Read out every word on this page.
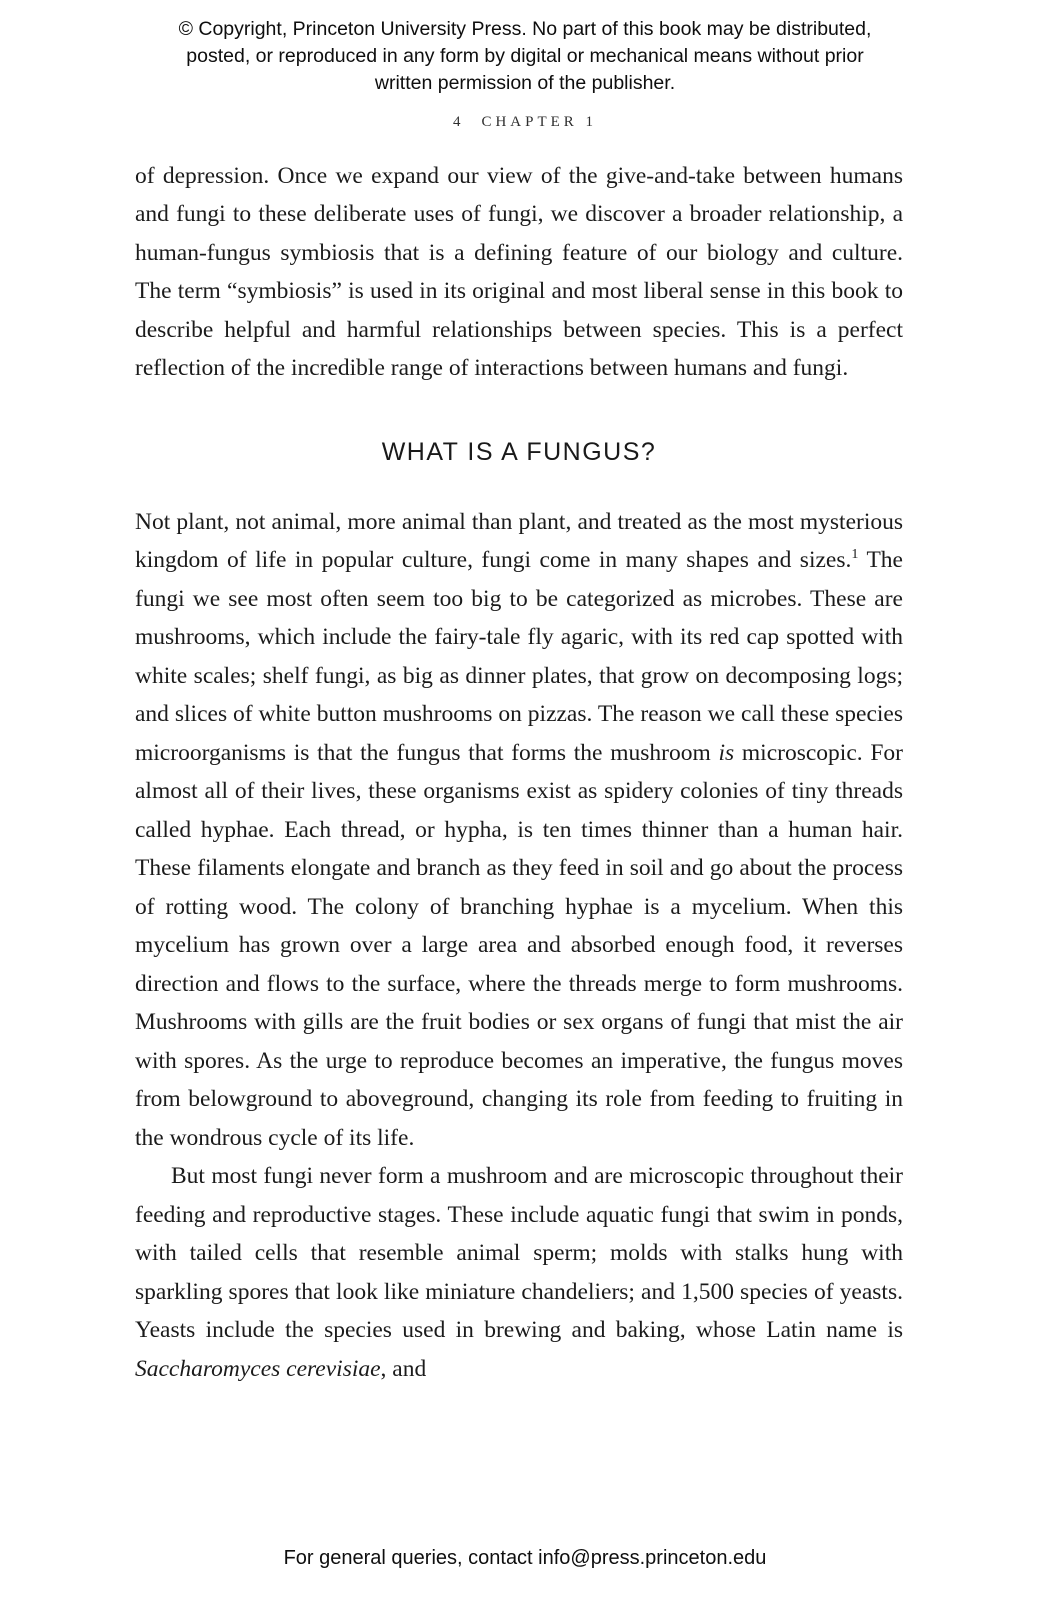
© Copyright, Princeton University Press. No part of this book may be distributed, posted, or reproduced in any form by digital or mechanical means without prior written permission of the publisher.
4 CHAPTER 1

of depression. Once we expand our view of the give-and-take between humans and fungi to these deliberate uses of fungi, we discover a broader relationship, a human-fungus symbiosis that is a defining feature of our biology and culture. The term “symbiosis” is used in its original and most liberal sense in this book to describe helpful and harmful relationships between species. This is a perfect reflection of the incredible range of interactions between humans and fungi.

WHAT IS A FUNGUS?

Not plant, not animal, more animal than plant, and treated as the most mysterious kingdom of life in popular culture, fungi come in many shapes and sizes.$^1$ The fungi we see most often seem too big to be categorized as microbes. These are mushrooms, which include the fairy-tale fly agaric, with its red cap spotted with white scales; shelf fungi, as big as dinner plates, that grow on decomposing logs; and slices of white button mushrooms on pizzas. The reason we call these species microorganisms is that the fungus that forms the mushroom is microscopic. For almost all of their lives, these organisms exist as spidery colonies of tiny threads called hyphae. Each thread, or hypha, is ten times thinner than a human hair. These filaments elongate and branch as they feed in soil and go about the process of rotting wood. The colony of branching hyphae is a mycelium. When this mycelium has grown over a large area and absorbed enough food, it reverses direction and flows to the surface, where the threads merge to form mushrooms. Mushrooms with gills are the fruit bodies or sex organs of fungi that mist the air with spores. As the urge to reproduce becomes an imperative, the fungus moves from belowground to aboveground, changing its role from feeding to fruiting in the wondrous cycle of its life.

But most fungi never form a mushroom and are microscopic throughout their feeding and reproductive stages. These include aquatic fungi that swim in ponds, with tailed cells that resemble animal sperm; molds with stalks hung with sparkling spores that look like miniature chandeliers; and 1,500 species of yeasts. Yeasts include the species used in brewing and baking, whose Latin name is Saccharomyces cerevisiae, and

For general queries, contact info@press.princeton.edu
